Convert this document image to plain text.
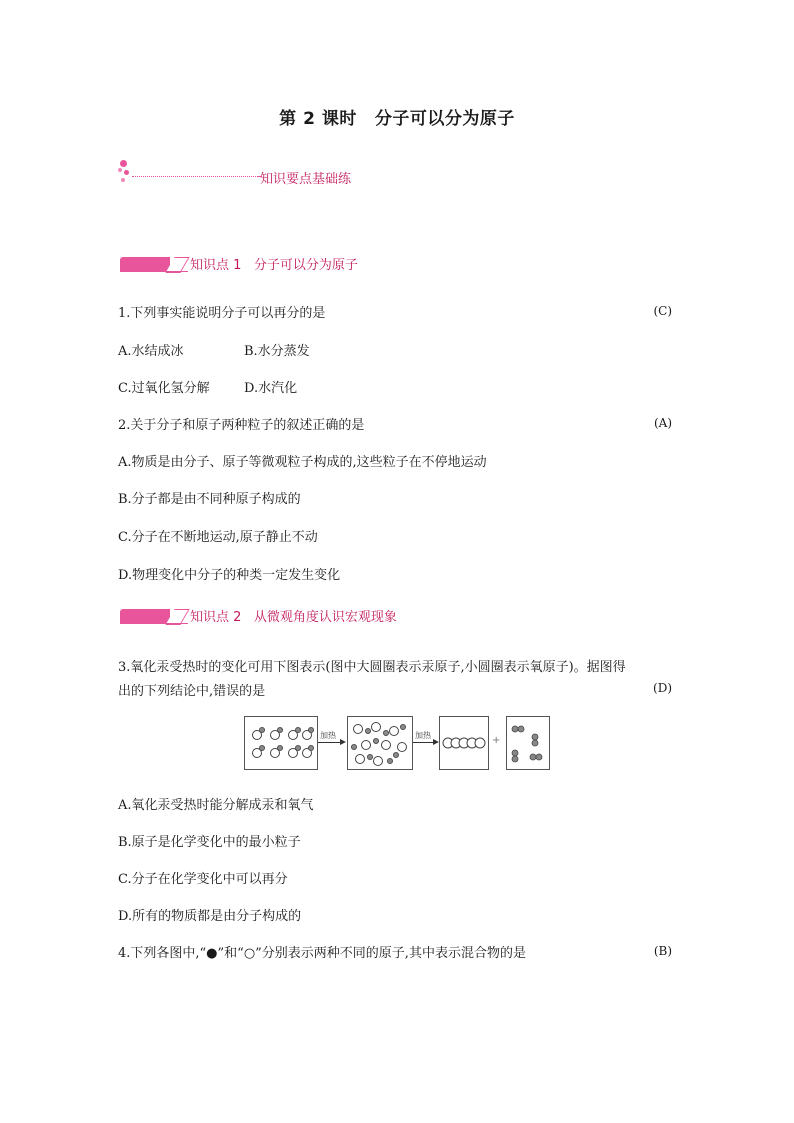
第 2 课时 分子可以分为原子
知识要点基础练
知识点 1 分子可以分为原子
1.下列事实能说明分子可以再分的是	(C)
A.水结成冰	B.水分蒸发
C.过氧化氢分解	D.水汽化
2.关于分子和原子两种粒子的叙述正确的是	(A)
A.物质是由分子、原子等微观粒子构成的,这些粒子在不停地运动
B.分子都是由不同种原子构成的
C.分子在不断地运动,原子静止不动
D.物理变化中分子的种类一定发生变化
知识点 2 从微观角度认识宏观现象
3.氧化汞受热时的变化可用下图表示(图中大圆圈表示汞原子,小圆圈表示氧原子)。据图得
出的下列结论中,错误的是	(D)
加热	加热	+
A.氧化汞受热时能分解成汞和氧气
B.原子是化学变化中的最小粒子
C.分子在化学变化中可以再分
D.所有的物质都是由分子构成的
4.下列各图中,“●”和“○”分别表示两种不同的原子,其中表示混合物的是	(B)
